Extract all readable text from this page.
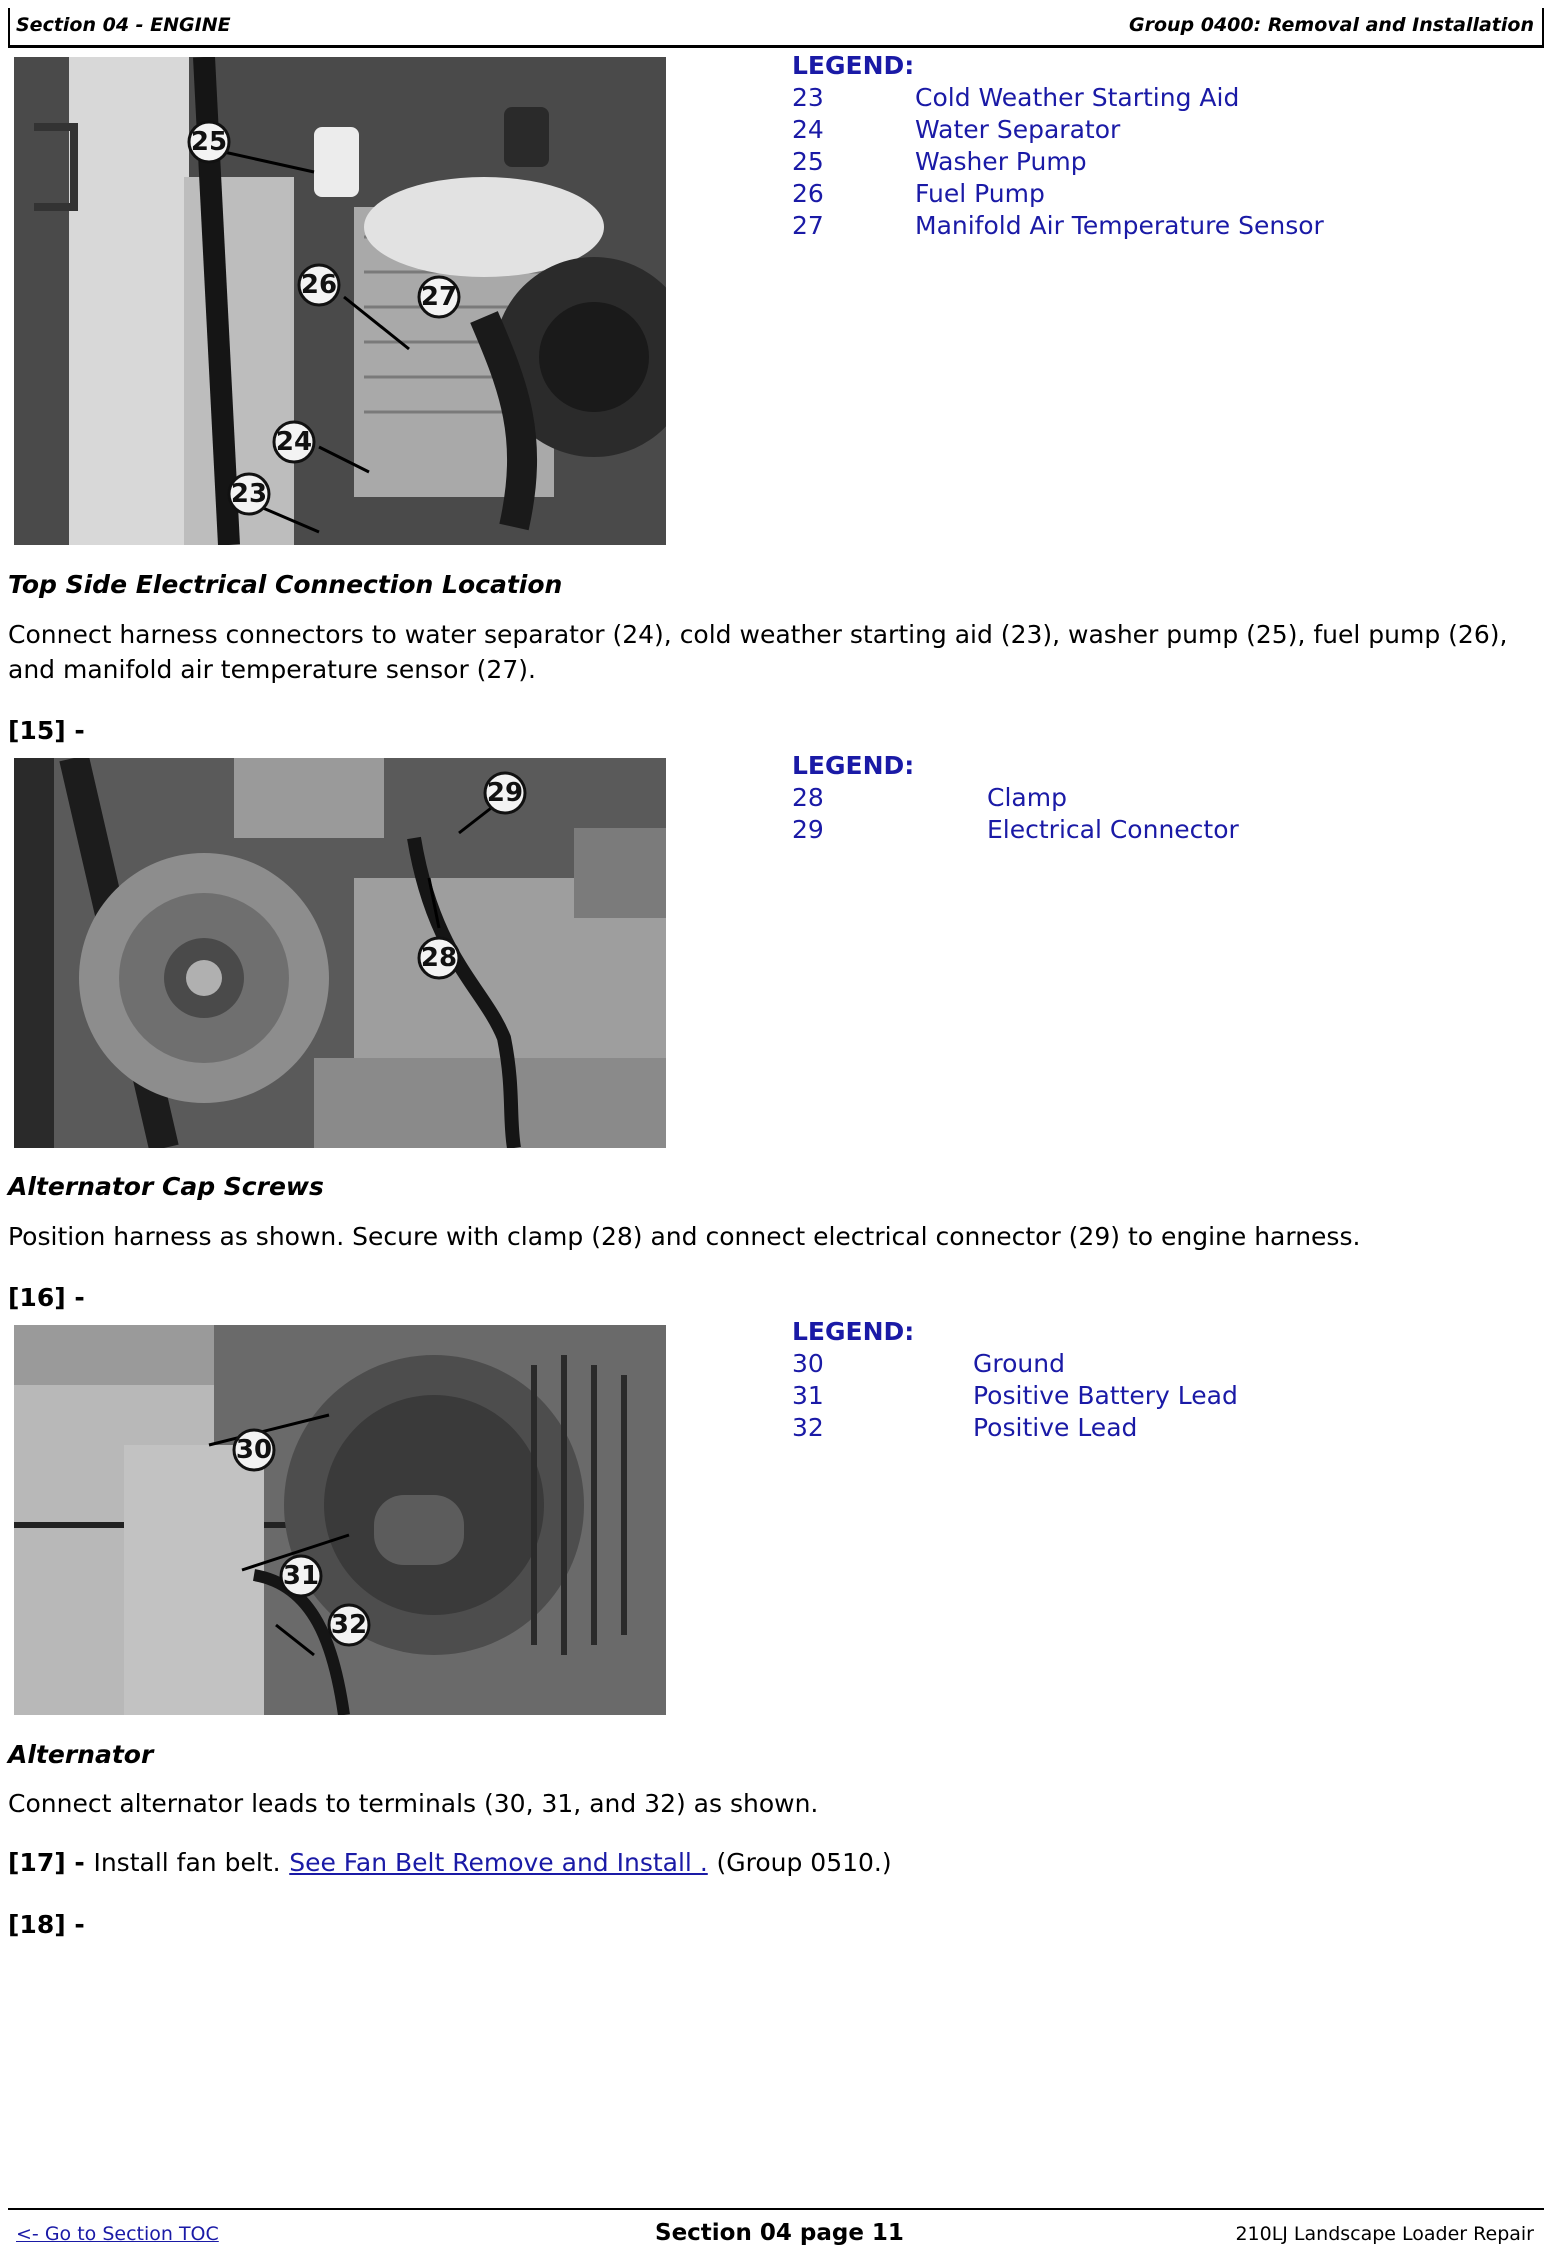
Section 04 - ENGINE	Group 0400: Removal and Installation
25
26	27
24
23
LEGEND:
23	Cold Weather Starting Aid
24	Water Separator
25	Washer Pump
26	Fuel Pump
27	Manifold Air Temperature Sensor
Top Side Electrical Connection Location
Connect harness connectors to water separator (24), cold weather starting aid (23), washer pump (25), fuel pump (26), and manifold air temperature sensor (27).
[15] -
29
28
LEGEND:
28	Clamp
29	Electrical Connector
Alternator Cap Screws
Position harness as shown. Secure with clamp (28) and connect electrical connector (29) to engine harness.
[16] -
30
31
32
LEGEND:
30	Ground
31	Positive Battery Lead
32	Positive Lead
Alternator
Connect alternator leads to terminals (30, 31, and 32) as shown.
[17] - Install fan belt. See Fan Belt Remove and Install . (Group 0510.)
[18] -
<- Go to Section TOC	Section 04 page 11	210LJ Landscape Loader Repair
